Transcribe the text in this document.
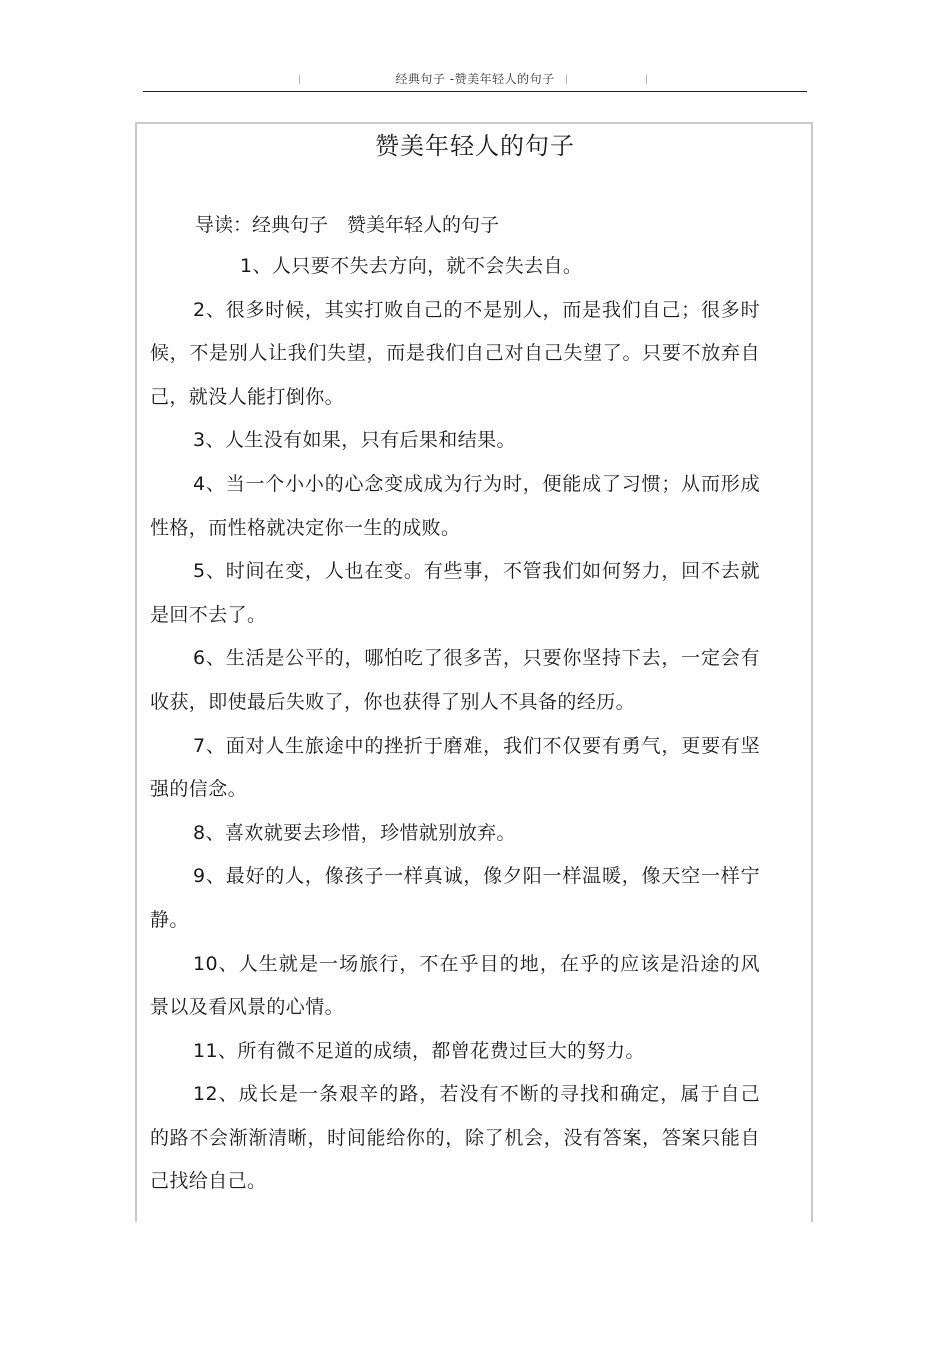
经典句子 -赞美年轻人的句子
赞美年轻人的句子
导读：经典句子　赞美年轻人的句子
1、人只要不失去方向，就不会失去自。
2、很多时候，其实打败自己的不是别人，而是我们自己；很多时候，不是别人让我们失望，而是我们自己对自己失望了。只要不放弃自己，就没人能打倒你。
3、人生没有如果，只有后果和结果。
4、当一个小小的心念变成成为行为时，便能成了习惯；从而形成性格，而性格就决定你一生的成败。
5、时间在变，人也在变。有些事，不管我们如何努力，回不去就是回不去了。
6、生活是公平的，哪怕吃了很多苦，只要你坚持下去，一定会有收获，即使最后失败了，你也获得了别人不具备的经历。
7、面对人生旅途中的挫折于磨难，我们不仅要有勇气，更要有坚强的信念。
8、喜欢就要去珍惜，珍惜就别放弃。
9、最好的人，像孩子一样真诚，像夕阳一样温暖，像天空一样宁静。
10、人生就是一场旅行，不在乎目的地，在乎的应该是沿途的风景以及看风景的心情。
11、所有微不足道的成绩，都曾花费过巨大的努力。
12、成长是一条艰辛的路，若没有不断的寻找和确定，属于自己的路不会渐渐清晰，时间能给你的，除了机会，没有答案，答案只能自己找给自己。
